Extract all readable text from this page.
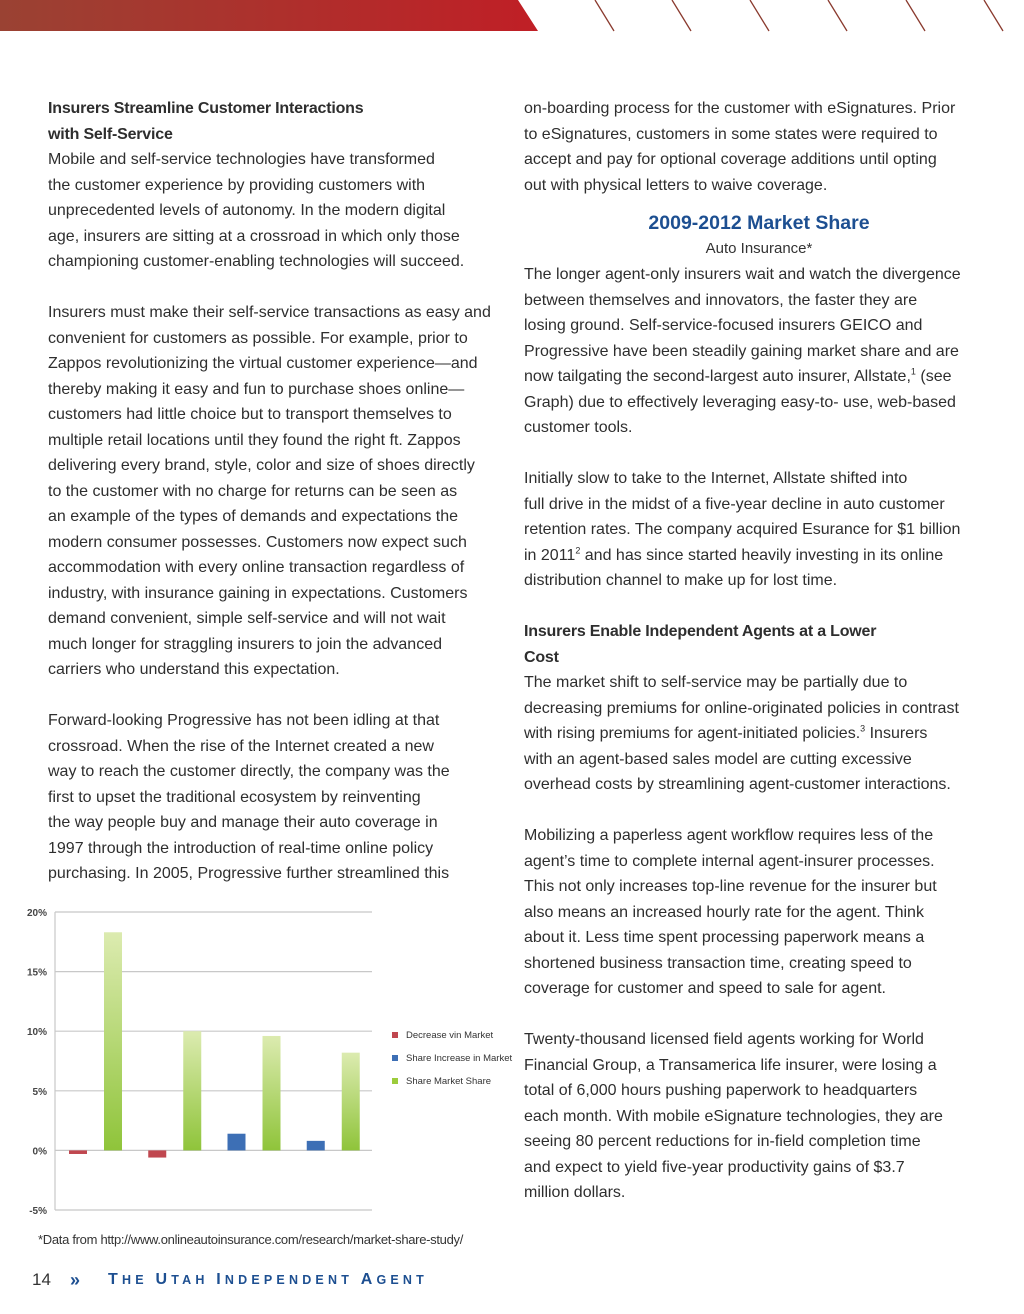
Insurers Streamline Customer Interactions
with Self-Service
Mobile and self-service technologies have transformed
the customer experience by providing customers with
unprecedented levels of autonomy. In the modern digital
age, insurers are sitting at a crossroad in which only those
championing customer-enabling technologies will succeed.
Insurers must make their self-service transactions as easy and
convenient for customers as possible. For example, prior to
Zappos revolutionizing the virtual customer experience—and
thereby making it easy and fun to purchase shoes online—
customers had little choice but to transport themselves to
multiple retail locations until they found the right ft. Zappos
delivering every brand, style, color and size of shoes directly
to the customer with no charge for returns can be seen as
an example of the types of demands and expectations the
modern consumer possesses. Customers now expect such
accommodation with every online transaction regardless of
industry, with insurance gaining in expectations. Customers
demand convenient, simple self-service and will not wait
much longer for straggling insurers to join the advanced
carriers who understand this expectation.
Forward-looking Progressive has not been idling at that
crossroad. When the rise of the Internet created a new
way to reach the customer directly, the company was the
ﬁrst to upset the traditional ecosystem by reinventing
the way people buy and manage their auto coverage in
1997 through the introduction of real-time online policy
purchasing. In 2005, Progressive further streamlined this
on-boarding process for the customer with eSignatures. Prior
to eSignatures, customers in some states were required to
accept and pay for optional coverage additions until opting
out with physical letters to waive coverage.
2009-2012 Market Share
Auto Insurance*
The longer agent-only insurers wait and watch the divergence
between themselves and innovators, the faster they are
losing ground. Self-service-focused insurers GEICO and
Progressive have been steadily gaining market share and are
now tailgating the second-largest auto insurer, Allstate,$^1$ (see
Graph) due to effectively leveraging easy-to- use, web-based
customer tools.
Initially slow to take to the Internet, Allstate shifted into
full drive in the midst of a ﬁve-year decline in auto customer
retention rates. The company acquired Esurance for $1 billion
in 2011$^2$ and has since started heavily investing in its online
distribution channel to make up for lost time.
Insurers Enable Independent Agents at a Lower
Cost
The market shift to self-service may be partially due to
decreasing premiums for online-originated policies in contrast
with rising premiums for agent-initiated policies.$^3$ Insurers
with an agent-based sales model are cutting excessive
overhead costs by streamlining agent-customer interactions.
Mobilizing a paperless agent workﬂow requires less of the
agent’s time to complete internal agent-insurer processes.
This not only increases top-line revenue for the insurer but
also means an increased hourly rate for the agent. Think
about it. Less time spent processing paperwork means a
shortened business transaction time, creating speed to
coverage for customer and speed to sale for agent.
Twenty-thousand licensed ﬁeld agents working for World
Financial Group, a Transamerica life insurer, were losing a
total of 6,000 hours pushing paperwork to headquarters
each month. With mobile eSignature technologies, they are
seeing 80 percent reductions for in-ﬁeld completion time
and expect to yield ﬁve-year productivity gains of $3.7
million dollars.
20%
15%
10%
5%
0%
-5%
Decrease vin Market
Share Increase in Market
Share Market Share
*Data from http://www.onlineautoinsurance.com/research/market-share-study/
14	» THE UTAH INDEPENDENT AGENT
